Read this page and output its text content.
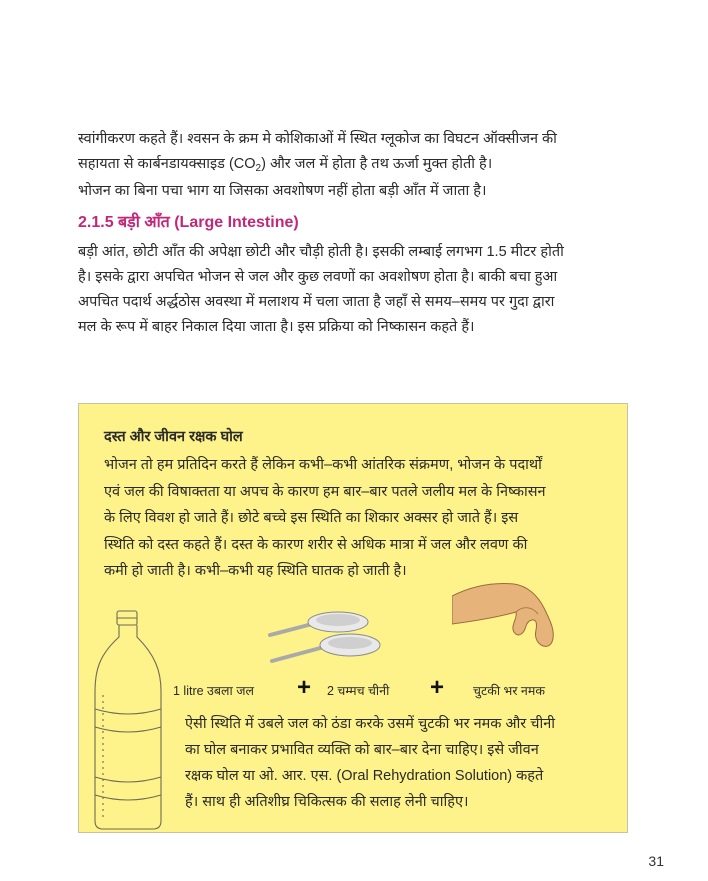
स्वांगीकरण कहते हैं। श्वसन के क्रम मे कोशिकाओं में स्थित ग्लूकोज का विघटन ऑक्सीजन की
सहायता से कार्बनडायक्साइड $(CO_2)$ और जल में होता है तथ ऊर्जा मुक्त होती है।

भोजन का बिना पचा भाग या जिसका अवशोषण नहीं होता बड़ी आँत में जाता है।

2.1.5 बड़ी आँत (Large Intestine)

बड़ी आंत, छोटी आँत की अपेक्षा छोटी और चौड़ी होती है। इसकी लम्बाई लगभग 1.5 मीटर होती
है। इसके द्वारा अपचित भोजन से जल और कुछ लवणों का अवशोषण होता है। बाकी बचा हुआ
अपचित पदार्थ अर्द्धठोस अवस्था में मलाशय में चला जाता है जहाँ से समय–समय पर गुदा द्वारा
मल के रूप में बाहर निकाल दिया जाता है। इस प्रक्रिया को निष्कासन कहते हैं।

दस्त और जीवन रक्षक घोल

भोजन तो हम प्रतिदिन करते हैं लेकिन कभी–कभी आंतरिक संक्रमण, भोजन के पदार्थों
एवं जल की विषाक्तता या अपच के कारण हम बार–बार पतले जलीय मल के निष्कासन
के लिए विवश हो जाते हैं। छोटे बच्चे इस स्थिति का शिकार अक्सर हो जाते हैं। इस
स्थिति को दस्त कहते हैं। दस्त के कारण शरीर से अधिक मात्रा में जल और लवण की
कमी हो जाती है। कभी–कभी यह स्थिति घातक हो जाती है।

1 litre उबला जल + 2 चम्मच चीनी + चुटकी भर नमक

ऐसी स्थिति में उबले जल को ठंडा करके उसमें चुटकी भर नमक और चीनी
का घोल बनाकर प्रभावित व्यक्ति को बार–बार देना चाहिए। इसे जीवन
रक्षक घोल या ओ. आर. एस. (Oral Rehydration Solution) कहते
हैं। साथ ही अतिशीघ्र चिकित्सक की सलाह लेनी चाहिए।

31
